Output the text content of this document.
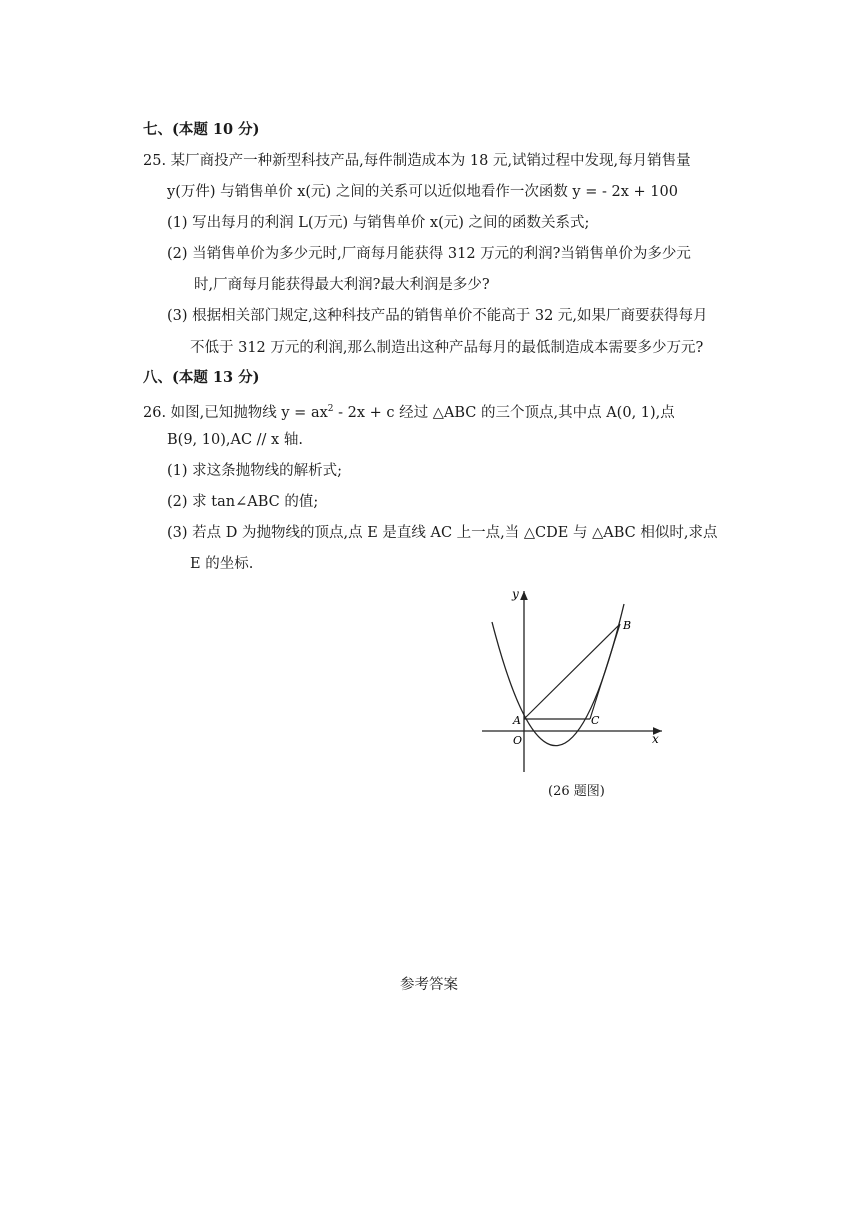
七、(本题 10 分)
25. 某厂商投产一种新型科技产品,每件制造成本为 18 元,试销过程中发现,每月销售量
y(万件) 与销售单价 x(元) 之间的关系可以近似地看作一次函数 y = - 2x + 100
(1) 写出每月的利润 L(万元) 与销售单价 x(元) 之间的函数关系式;
(2) 当销售单价为多少元时,厂商每月能获得 312 万元的利润?当销售单价为多少元
时,厂商每月能获得最大利润?最大利润是多少?
(3) 根据相关部门规定,这种科技产品的销售单价不能高于 32 元,如果厂商要获得每月
不低于 312 万元的利润,那么制造出这种产品每月的最低制造成本需要多少万元?
八、(本题 13 分)
26. 如图,已知抛物线 $y = ax^2 - 2x + c$ 经过 △ABC 的三个顶点,其中点 A(0, 1),点
B(9, 10),AC // x 轴.
(1) 求这条抛物线的解析式;
(2) 求 tan∠ABC 的值;
(3) 若点 D 为抛物线的顶点,点 E 是直线 AC 上一点,当 △CDE 与 △ABC 相似时,求点
E 的坐标.
y
x
O
A
B
C
(26 题图)
参考答案
